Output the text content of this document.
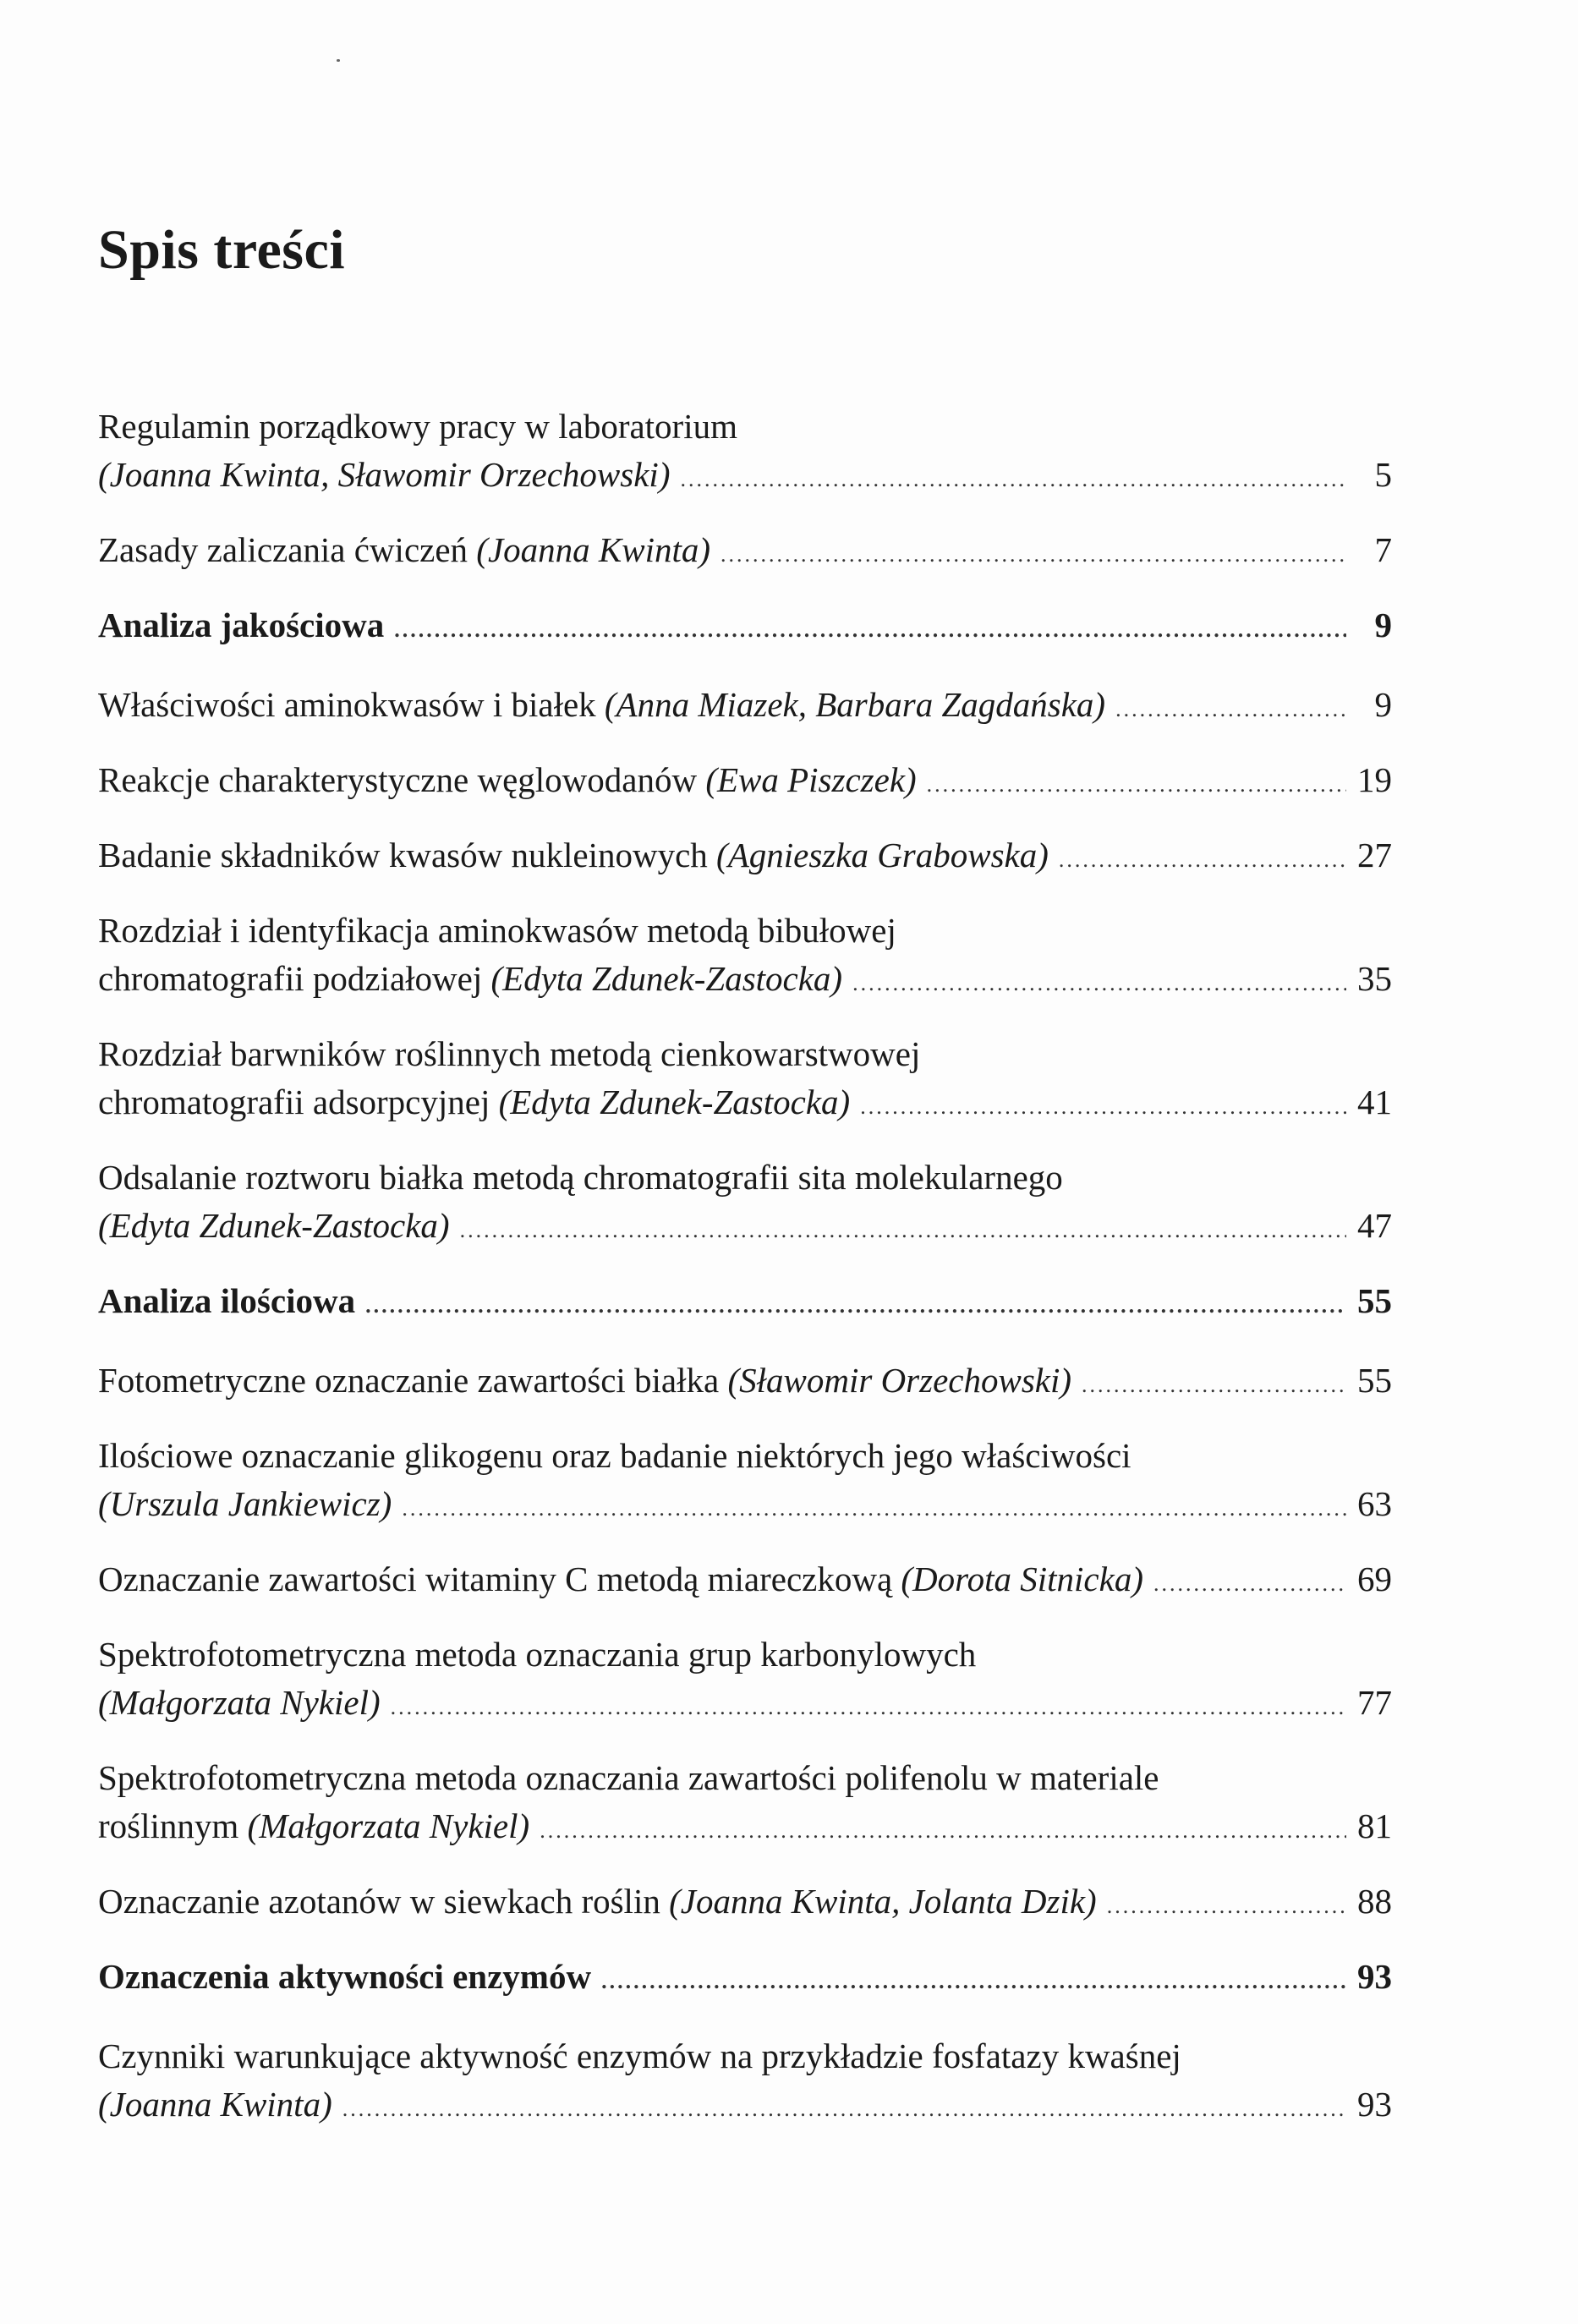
Spis treści
Regulamin porządkowy pracy w laboratorium
(Joanna Kwinta, Sławomir Orzechowski) .....	5
Zasady zaliczania ćwiczeń (Joanna Kwinta) .....	7
Analiza jakościowa .....	9
Właściwości aminokwasów i białek (Anna Miazek, Barbara Zagdańska) .....	9
Reakcje charakterystyczne węglowodanów (Ewa Piszczek) .....	19
Badanie składników kwasów nukleinowych (Agnieszka Grabowska) .....	27
Rozdział i identyfikacja aminokwasów metodą bibułowej
chromatografii podziałowej (Edyta Zdunek-Zastocka) .....	35
Rozdział barwników roślinnych metodą cienkowarstwowej
chromatografii adsorpcyjnej (Edyta Zdunek-Zastocka) .....	41
Odsalanie roztworu białka metodą chromatografii sita molekularnego
(Edyta Zdunek-Zastocka) .....	47
Analiza ilościowa .....	55
Fotometryczne oznaczanie zawartości białka (Sławomir Orzechowski) .....	55
Ilościowe oznaczanie glikogenu oraz badanie niektórych jego właściwości
(Urszula Jankiewicz) .....	63
Oznaczanie zawartości witaminy C metodą miareczkową (Dorota Sitnicka) .....	69
Spektrofotometryczna metoda oznaczania grup karbonylowych
(Małgorzata Nykiel) .....	77
Spektrofotometryczna metoda oznaczania zawartości polifenolu w materiale
roślinnym (Małgorzata Nykiel) .....	81
Oznaczanie azotanów w siewkach roślin (Joanna Kwinta, Jolanta Dzik) .....	88
Oznaczenia aktywności enzymów .....	93
Czynniki warunkujące aktywność enzymów na przykładzie fosfatazy kwaśnej
(Joanna Kwinta) .....	93
